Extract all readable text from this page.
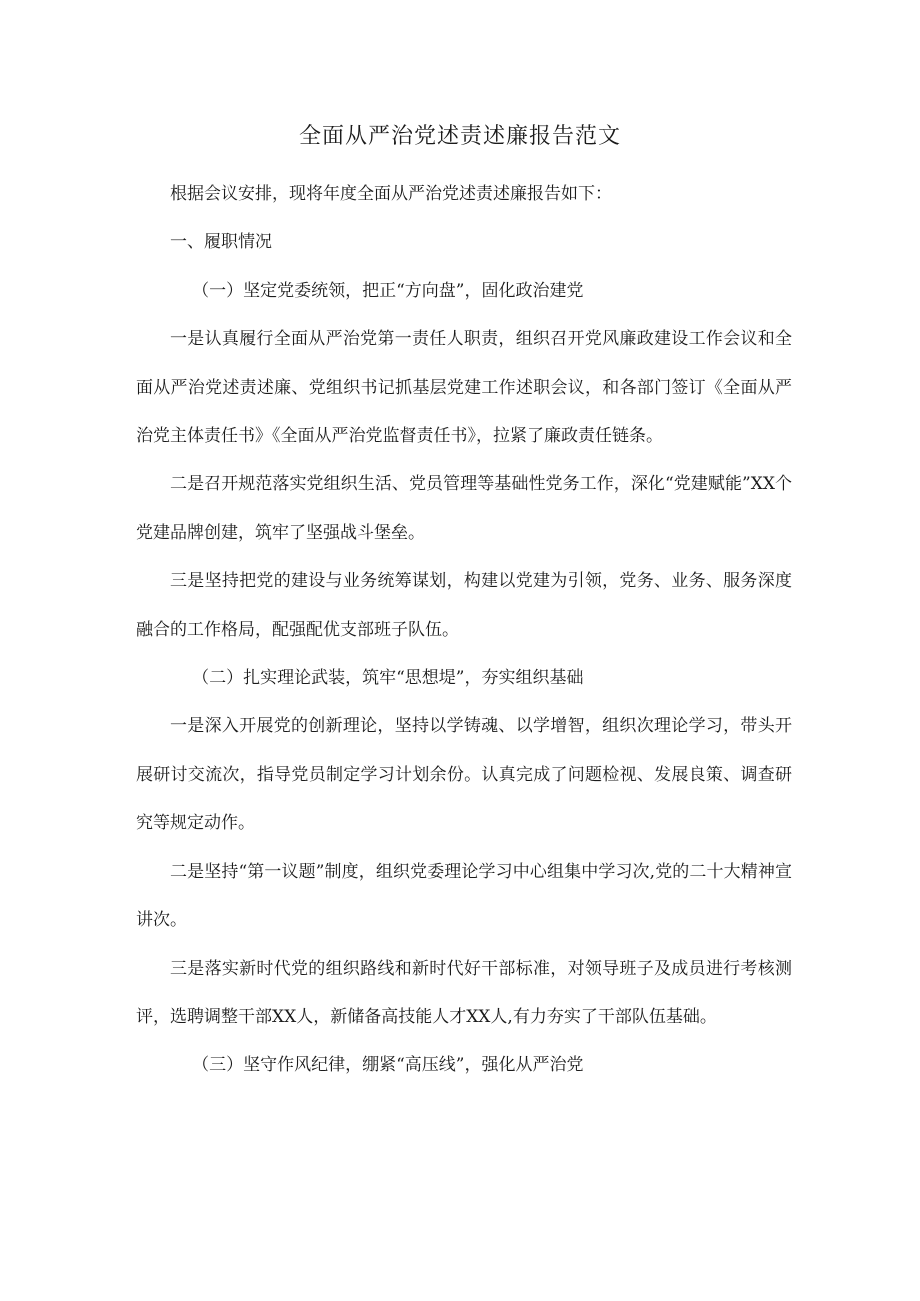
全面从严治党述责述廉报告范文

根据会议安排，现将年度全面从严治党述责述廉报告如下：

一、履职情况

（一）坚定党委统领，把正“方向盘”，固化政治建党

一是认真履行全面从严治党第一责任人职责，组织召开党风廉政建设工作会议和全面从严治党述责述廉、党组织书记抓基层党建工作述职会议，和各部门签订《全面从严治党主体责任书》《全面从严治党监督责任书》，拉紧了廉政责任链条。

二是召开规范落实党组织生活、党员管理等基础性党务工作，深化“党建赋能”XX个党建品牌创建，筑牢了坚强战斗堡垒。

三是坚持把党的建设与业务统筹谋划，构建以党建为引领，党务、业务、服务深度融合的工作格局，配强配优支部班子队伍。

（二）扎实理论武装，筑牢“思想堤”，夯实组织基础

一是深入开展党的创新理论，坚持以学铸魂、以学增智，组织次理论学习，带头开展研讨交流次，指导党员制定学习计划余份。认真完成了问题检视、发展良策、调查研究等规定动作。

二是坚持“第一议题”制度，组织党委理论学习中心组集中学习次,党的二十大精神宣讲次。

三是落实新时代党的组织路线和新时代好干部标准，对领导班子及成员进行考核测评，选聘调整干部XX人，新储备高技能人才XX人,有力夯实了干部队伍基础。

（三）坚守作风纪律，绷紧“高压线”，强化从严治党
